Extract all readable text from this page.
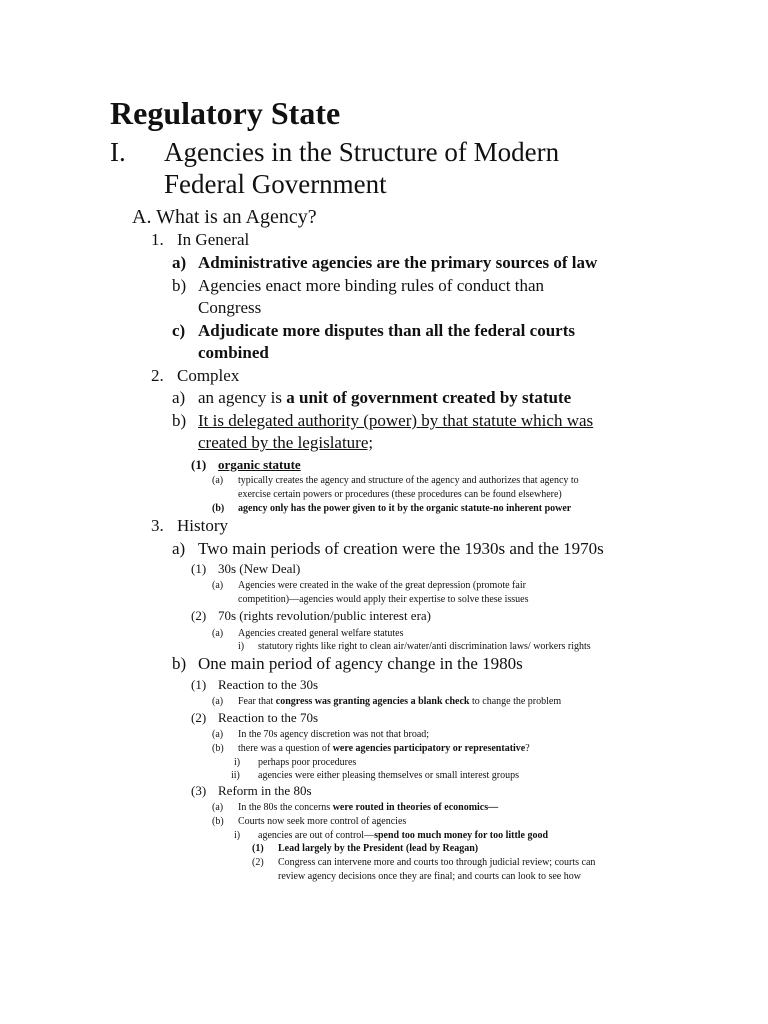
Regulatory State
I. Agencies in the Structure of Modern
Federal Government
A. What is an Agency?
1. In General
a) Administrative agencies are the primary sources of law
b) Agencies enact more binding rules of conduct than
Congress
c) Adjudicate more disputes than all the federal courts
combined
2. Complex
a) an agency is a unit of government created by statute
b) It is delegated authority (power) by that statute which was
created by the legislature;
(1) organic statute
(a) typically creates the agency and structure of the agency and authorizes that agency to
exercise certain powers or procedures (these procedures can be found elsewhere)
(b) agency only has the power given to it by the organic statute-no inherent power
3. History
a) Two main periods of creation were the 1930s and the 1970s
(1) 30s (New Deal)
(a) Agencies were created in the wake of the great depression (promote fair
competition)—agencies would apply their expertise to solve these issues
(2) 70s (rights revolution/public interest era)
(a) Agencies created general welfare statutes
i) statutory rights like right to clean air/water/anti discrimination laws/ workers rights
b) One main period of agency change in the 1980s
(1) Reaction to the 30s
(a) Fear that congress was granting agencies a blank check to change the problem
(2) Reaction to the 70s
(a) In the 70s agency discretion was not that broad;
(b) there was a question of were agencies participatory or representative?
i) perhaps poor procedures
ii) agencies were either pleasing themselves or small interest groups
(3) Reform in the 80s
(a) In the 80s the concerns were routed in theories of economics—
(b) Courts now seek more control of agencies
i) agencies are out of control—spend too much money for too little good
(1) Lead largely by the President (lead by Reagan)
(2) Congress can intervene more and courts too through judicial review; courts can
review agency decisions once they are final; and courts can look to see how
